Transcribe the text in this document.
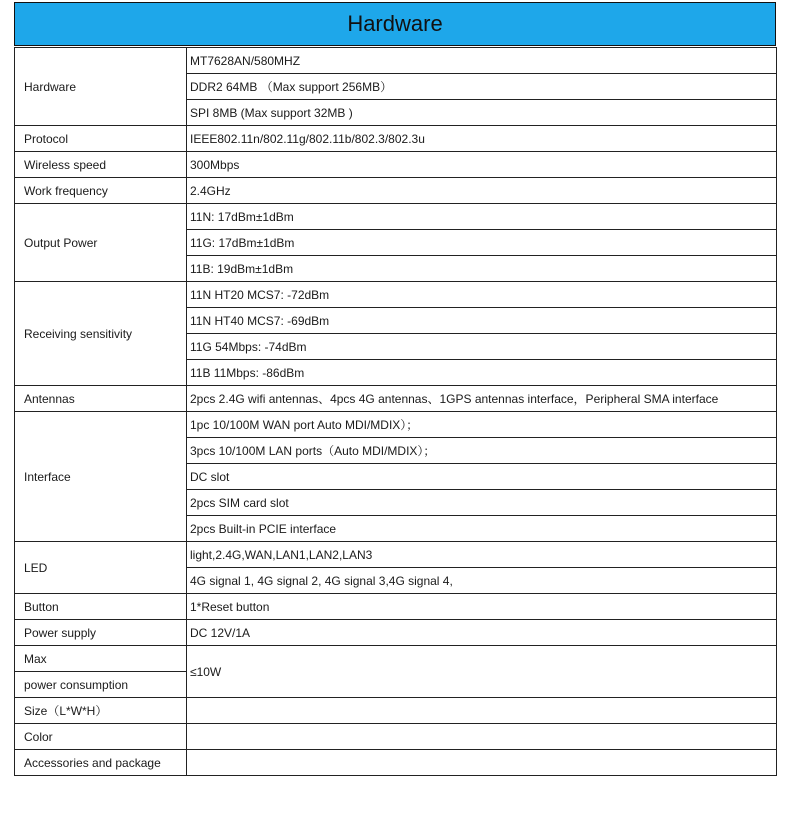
Hardware
Hardware	MT7628AN/580MHZ
	DDR2 64MB （Max support 256MB）
	SPI 8MB (Max support 32MB )
Protocol	IEEE802.11n/802.11g/802.11b/802.3/802.3u
Wireless speed	300Mbps
Work frequency	2.4GHz
Output Power	11N: 17dBm±1dBm
	11G: 17dBm±1dBm
	11B: 19dBm±1dBm
Receiving sensitivity	11N HT20 MCS7: -72dBm
	11N HT40 MCS7: -69dBm
	11G 54Mbps: -74dBm
	11B 11Mbps: -86dBm
Antennas	2pcs 2.4G wifi antennas、4pcs 4G antennas、1GPS antennas interface，Peripheral SMA interface
Interface	1pc 10/100M WAN port Auto MDI/MDIX）；
	3pcs 10/100M LAN ports（Auto MDI/MDIX）；
	DC slot
	2pcs SIM card slot
	2pcs Built-in PCIE interface
LED	light,2.4G,WAN,LAN1,LAN2,LAN3
	4G signal 1, 4G signal 2, 4G signal 3,4G signal 4,
Button	1*Reset button
Power supply	DC 12V/1A
Max	≤10W
power consumption	
Size（L*W*H）	
Color	
Accessories and package	
